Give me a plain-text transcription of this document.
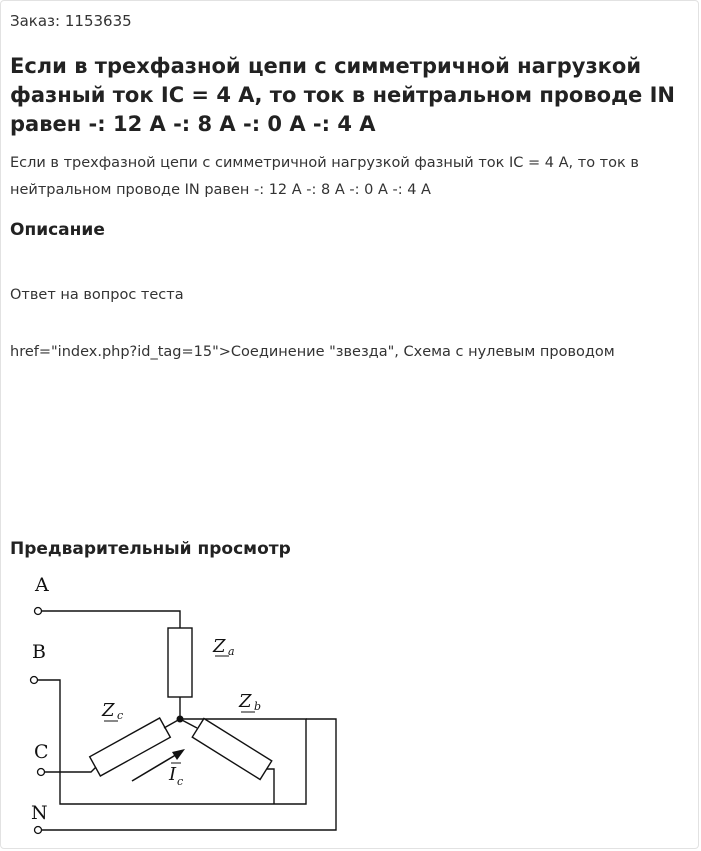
Заказ: 1153635
Если в трехфазной цепи с симметричной нагрузкой фазный ток IC = 4 А, то ток в нейтральном проводе IN равен -: 12 А -: 8 А -: 0 А -: 4 А
Если в трехфазной цепи с симметричной нагрузкой фазный ток IC = 4 А, то ток в нейтральном проводе IN равен -: 12 А -: 8 А -: 0 А -: 4 А
Описание
Ответ на вопрос теста
href="index.php?id_tag=15">Соединение "звезда", Схема с нулевым проводом
Предварительный просмотр
A
B
C
N
Z a
Z b
Z c
I c
